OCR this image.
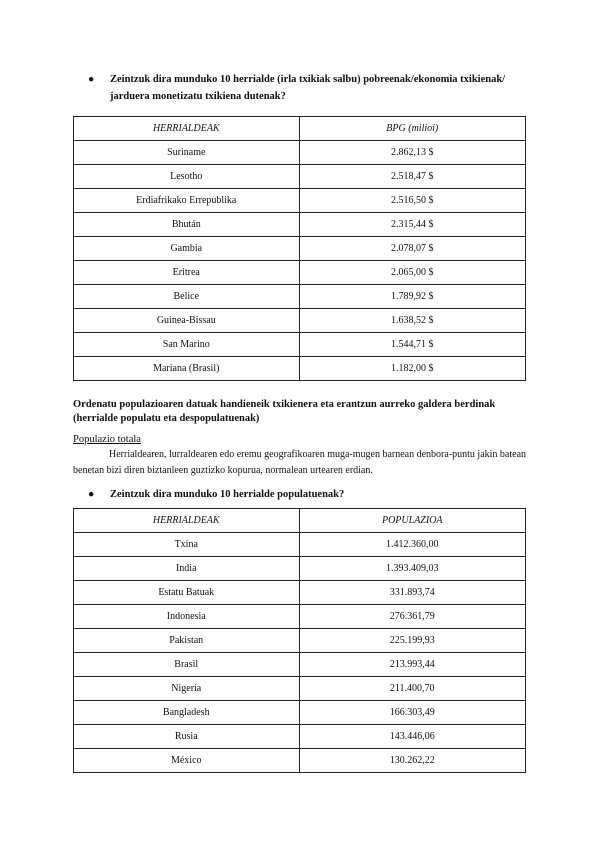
●	Zeintzuk dira munduko 10 herrialde (irla txikiak salbu) pobreenak/ekonomia txikienak/ jarduera monetizatu txikiena dutenak?
HERRIALDEAK	BPG (milioi)
Suriname	2.862,13 $
Lesotho	2.518,47 $
Erdiafrikako Errepublika	2.516,50 $
Bhután	2.315,44 $
Gambia	2.078,07 $
Eritrea	2.065,00 $
Belice	1.789,92 $
Guinea-Bissau	1.638,52 $
San Marino	1.544,71 $
Mariana (Brasil)	1.182,00 $
Ordenatu populazioaren datuak handieneik txikienera eta erantzun aurreko galdera berdinak (herrialde populatu eta despopulatuenak)
Populazio totala
Herrialdearen, lurraldearen edo eremu geografikoaren muga-mugen barnean denbora-puntu jakin batean benetan bizi diren biztanleen guztizko kopurua, normalean urtearen erdian.
●	Zeintzuk dira munduko 10 herrialde populatuenak?
HERRIALDEAK	POPULAZIOA
Txina	1.412.360,00
India	1.393.409,03
Estatu Batuak	331.893,74
Indonesia	276.361,79
Pakistan	225.199,93
Brasil	213.993,44
Nigeria	211.400,70
Bangladesh	166.303,49
Rusia	143.446,06
México	130.262,22
